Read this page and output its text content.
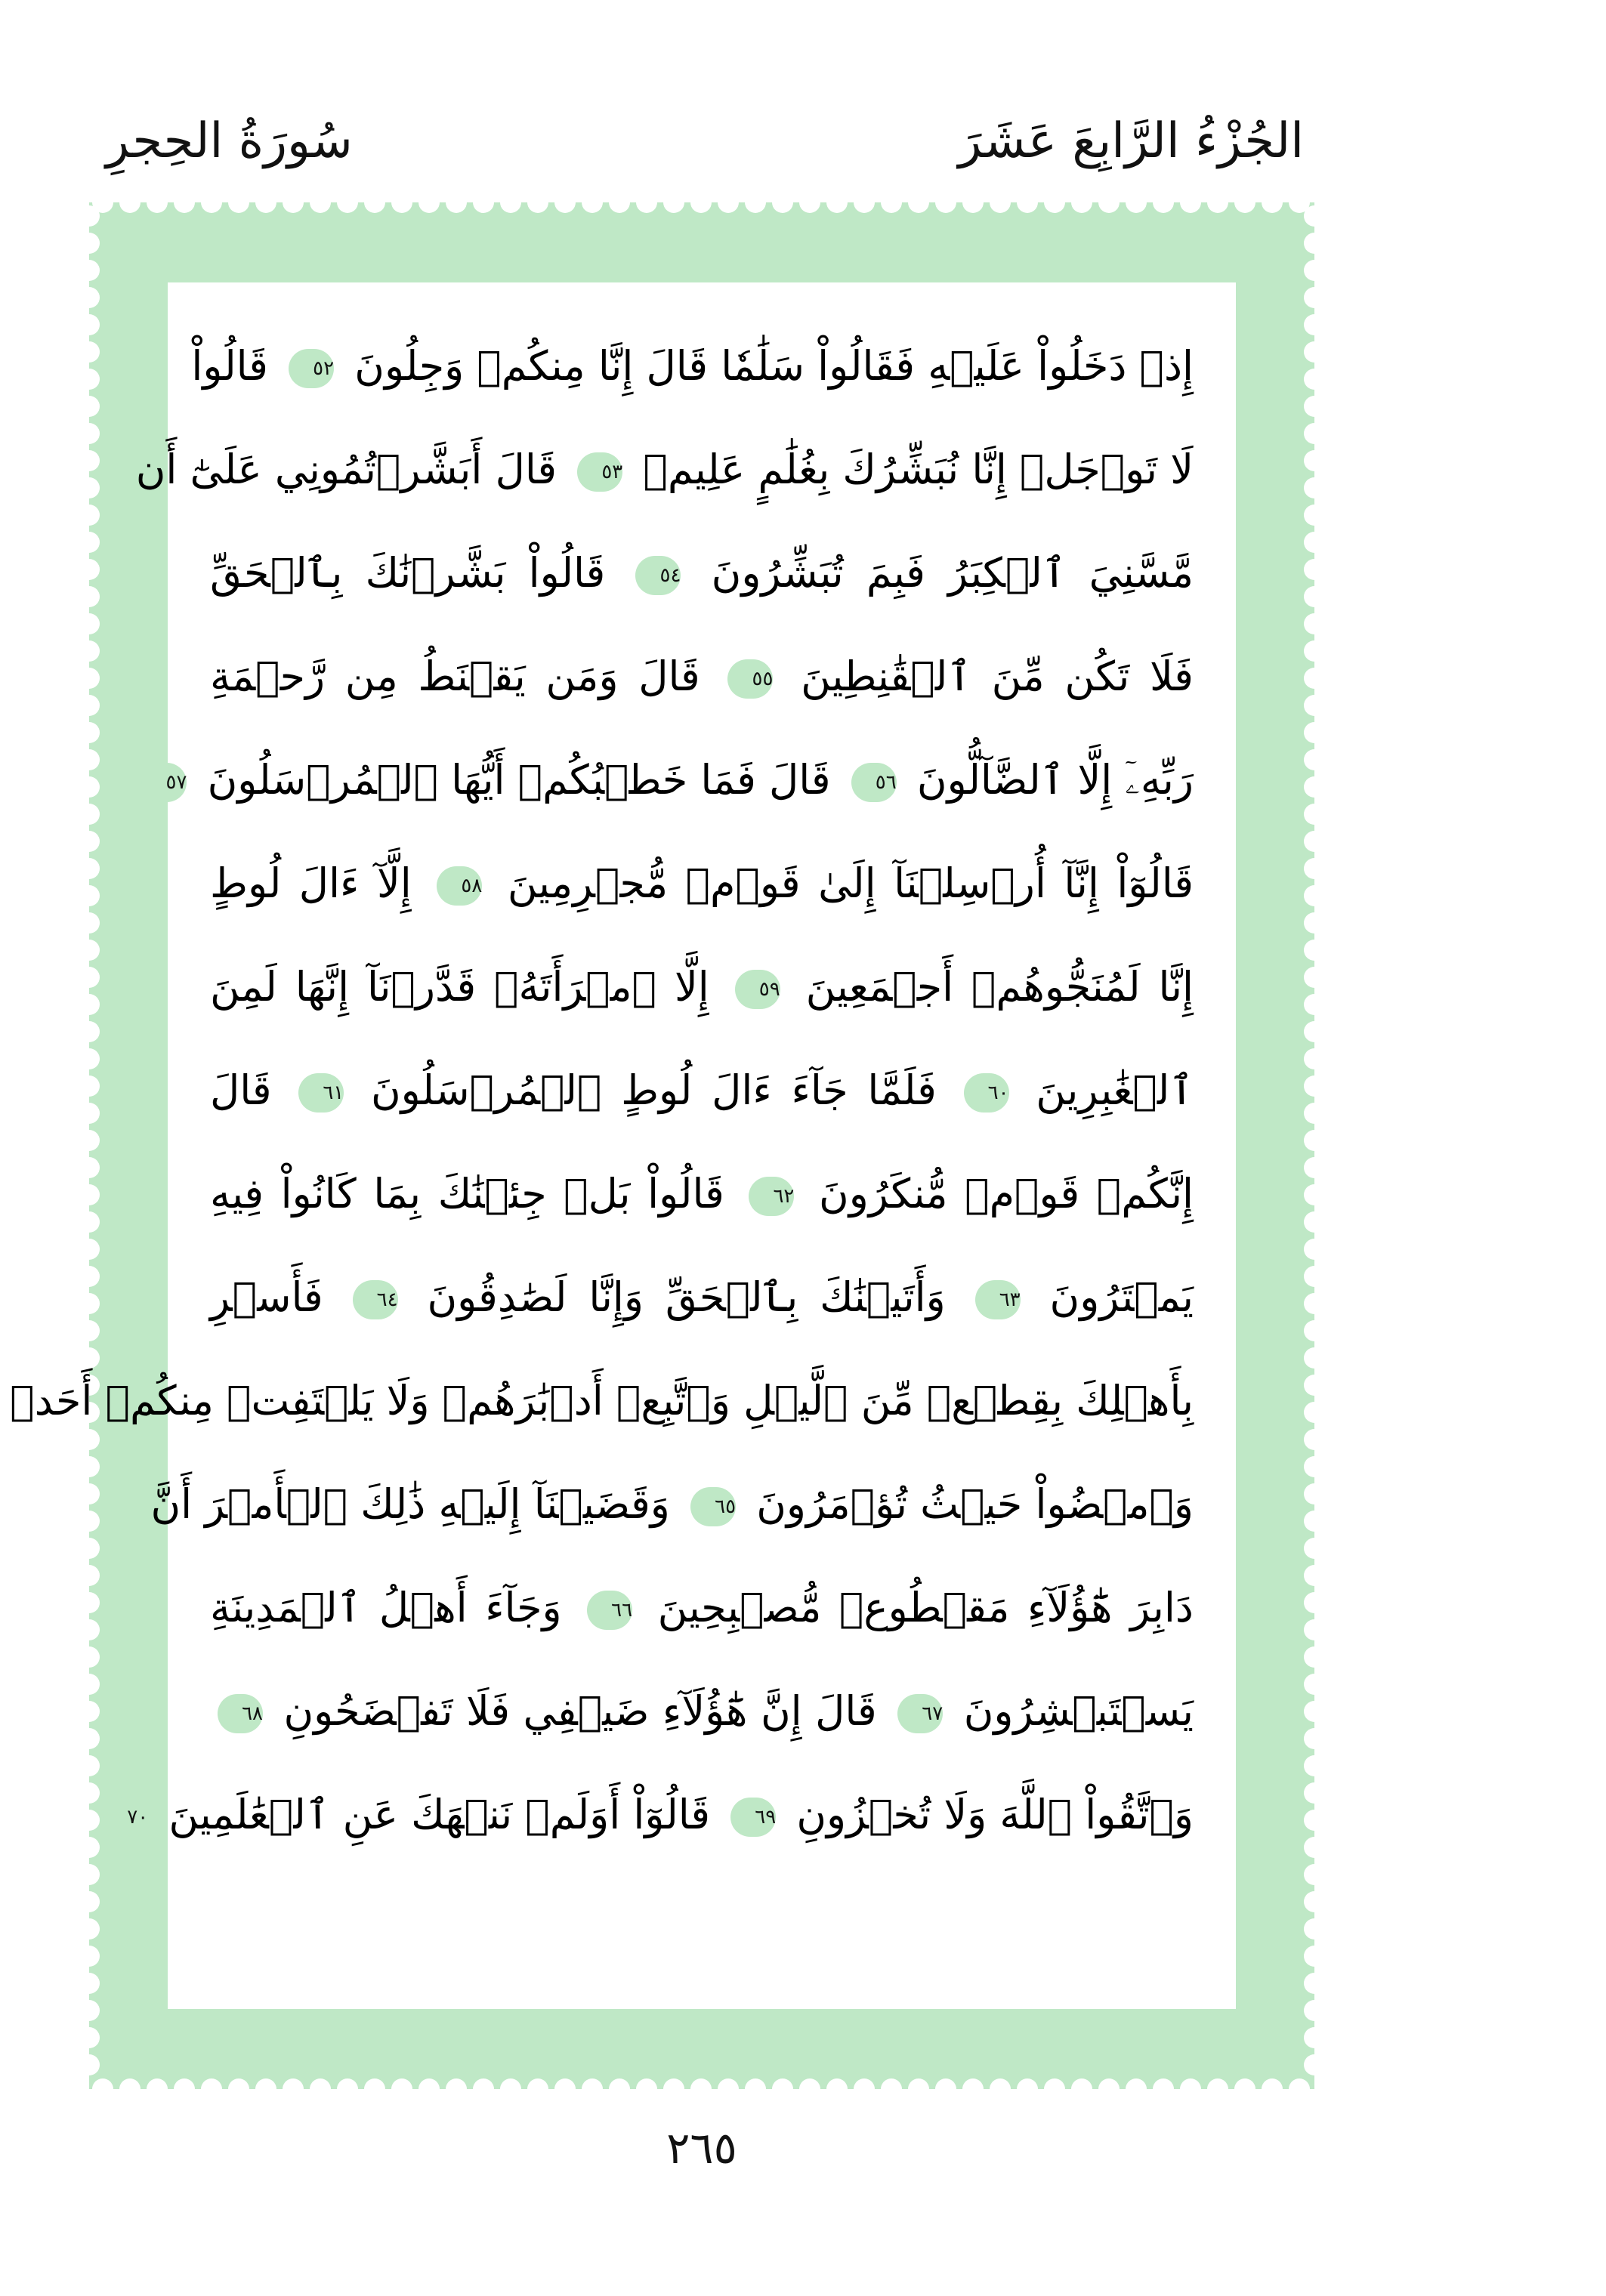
سُورَةُ الحِجرِ	الجُزْءُ الرَّابِعَ عَشَرَ
إِذۡ دَخَلُواْ عَلَيۡهِ فَقَالُواْ سَلَٰمٗا قَالَ إِنَّا مِنكُمۡ وَجِلُونَ ٥٢ قَالُواْ
لَا تَوۡجَلۡ إِنَّا نُبَشِّرُكَ بِغُلَٰمٍ عَلِيمٖ ٥٣ قَالَ أَبَشَّرۡتُمُونِي عَلَىٰٓ أَن
مَّسَّنِيَ ٱلۡكِبَرُ فَبِمَ تُبَشِّرُونَ ٥٤ قَالُواْ بَشَّرۡنَٰكَ بِٱلۡحَقِّ
فَلَا تَكُن مِّنَ ٱلۡقَٰنِطِينَ ٥٥ قَالَ وَمَن يَقۡنَطُ مِن رَّحۡمَةِ
رَبِّهِۦٓ إِلَّا ٱلضَّآلُّونَ ٥٦ قَالَ فَمَا خَطۡبُكُمۡ أَيُّهَا ٱلۡمُرۡسَلُونَ ٥٧
قَالُوٓاْ إِنَّآ أُرۡسِلۡنَآ إِلَىٰ قَوۡمٖ مُّجۡرِمِينَ ٥٨ إِلَّآ ءَالَ لُوطٍ
إِنَّا لَمُنَجُّوهُمۡ أَجۡمَعِينَ ٥٩ إِلَّا ٱمۡرَأَتَهُۥ قَدَّرۡنَآ إِنَّهَا لَمِنَ
ٱلۡغَٰبِرِينَ ٦٠ فَلَمَّا جَآءَ ءَالَ لُوطٍ ٱلۡمُرۡسَلُونَ ٦١ قَالَ
إِنَّكُمۡ قَوۡمٞ مُّنكَرُونَ ٦٢ قَالُواْ بَلۡ جِئۡنَٰكَ بِمَا كَانُواْ فِيهِ
يَمۡتَرُونَ ٦٣ وَأَتَيۡنَٰكَ بِٱلۡحَقِّ وَإِنَّا لَصَٰدِقُونَ ٦٤ فَأَسۡرِ
بِأَهۡلِكَ بِقِطۡعٖ مِّنَ ٱلَّيۡلِ وَٱتَّبِعۡ أَدۡبَٰرَهُمۡ وَلَا يَلۡتَفِتۡ مِنكُمۡ أَحَدٞ
وَٱمۡضُواْ حَيۡثُ تُؤۡمَرُونَ ٦٥ وَقَضَيۡنَآ إِلَيۡهِ ذَٰلِكَ ٱلۡأَمۡرَ أَنَّ
دَابِرَ هَٰٓؤُلَآءِ مَقۡطُوعٞ مُّصۡبِحِينَ ٦٦ وَجَآءَ أَهۡلُ ٱلۡمَدِينَةِ
يَسۡتَبۡشِرُونَ ٦٧ قَالَ إِنَّ هَٰٓؤُلَآءِ ضَيۡفِي فَلَا تَفۡضَحُونِ ٦٨
وَٱتَّقُواْ ٱللَّهَ وَلَا تُخۡزُونِ ٦٩ قَالُوٓاْ أَوَلَمۡ نَنۡهَكَ عَنِ ٱلۡعَٰلَمِينَ ٧٠
٢٦٥
